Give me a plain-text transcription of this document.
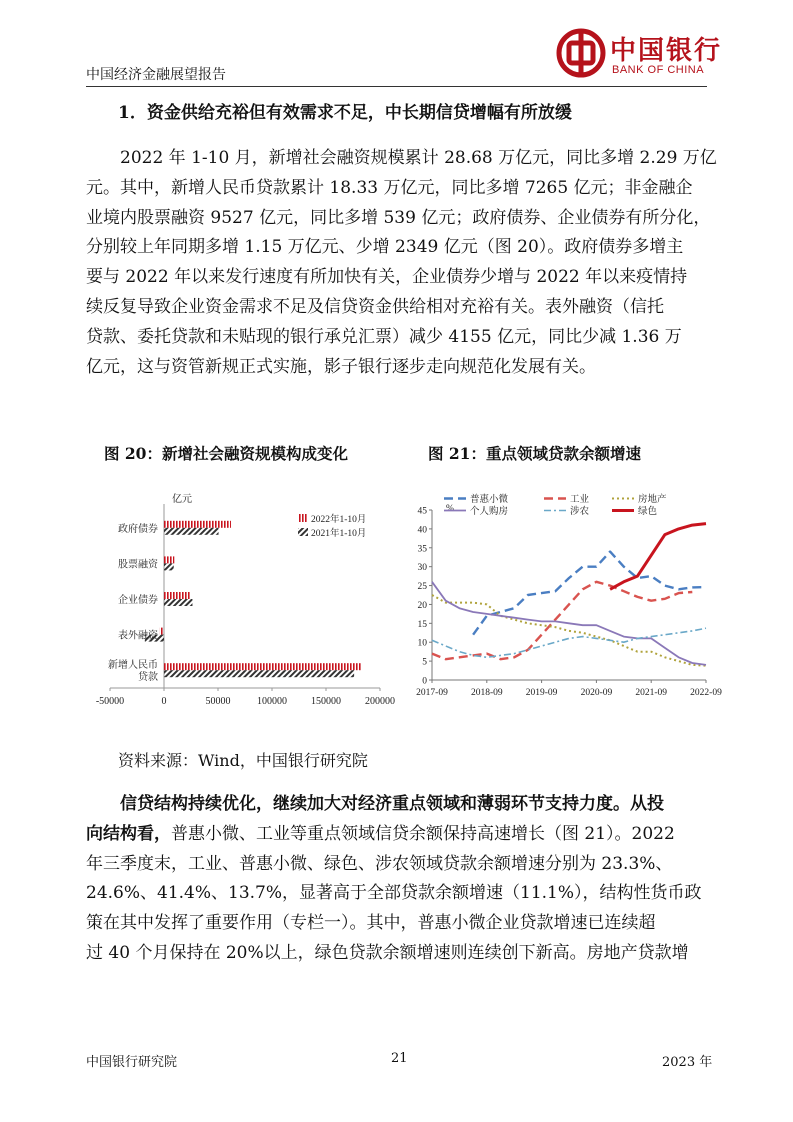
中国经济金融展望报告
中国银行
BANK OF CHINA
1．资金供给充裕但有效需求不足，中长期信贷增幅有所放缓
2022 年 1-10 月，新增社会融资规模累计 28.68 万亿元，同比多增 2.29 万亿
元。其中，新增人民币贷款累计 18.33 万亿元，同比多增 7265 亿元；非金融企
业境内股票融资 9527 亿元，同比多增 539 亿元；政府债券、企业债券有所分化，
分别较上年同期多增 1.15 万亿元、少增 2349 亿元（图 20）。政府债券多增主
要与 2022 年以来发行速度有所加快有关，企业债券少增与 2022 年以来疫情持
续反复导致企业资金需求不足及信贷资金供给相对充裕有关。表外融资（信托
贷款、委托贷款和未贴现的银行承兑汇票）减少 4155 亿元，同比少减 1.36 万
亿元，这与资管新规正式实施，影子银行逐步走向规范化发展有关。
图 20：新增社会融资规模构成变化	图 21：重点领域贷款余额增速
-50000	0	50000	100000 150000 200000
亿元
政府债券
股票融资
企业债券
表外融资
新增人民币
贷款
2022年1-10月
2021年1-10月
0
5
10
15
20
25
30
35
40
45 %
2017-09 2018-09 2019-09 2020-09 2021-09 2022-09
普惠小微	工业	房地产
个人购房	涉农	绿色
资料来源：Wind，中国银行研究院
信贷结构持续优化，继续加大对经济重点领域和薄弱环节支持力度。从投
向结构看，普惠小微、工业等重点领域信贷余额保持高速增长（图 21）。2022
年三季度末，工业、普惠小微、绿色、涉农领域贷款余额增速分别为 23.3%、
24.6%、41.4%、13.7%，显著高于全部贷款余额增速（11.1%），结构性货币政
策在其中发挥了重要作用（专栏一）。其中，普惠小微企业贷款增速已连续超
过 40 个月保持在 20%以上，绿色贷款余额增速则连续创下新高。房地产贷款增
中国银行研究院	21	2023 年
